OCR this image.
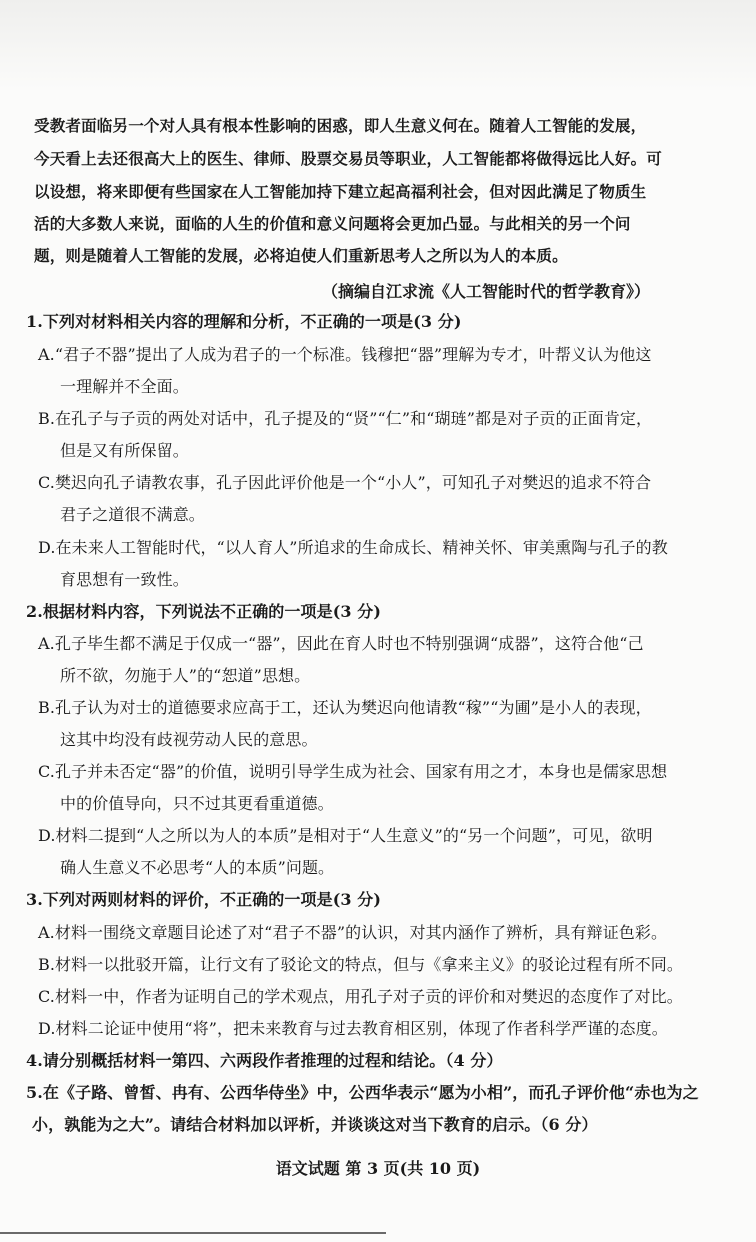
受教者面临另一个对人具有根本性影响的困惑，即人生意义何在。随着人工智能的发展，
今天看上去还很高大上的医生、律师、股票交易员等职业，人工智能都将做得远比人好。可
以设想，将来即便有些国家在人工智能加持下建立起高福利社会，但对因此满足了物质生
活的大多数人来说，面临的人生的价值和意义问题将会更加凸显。与此相关的另一个问
题，则是随着人工智能的发展，必将迫使人们重新思考人之所以为人的本质。
（摘编自江求流《人工智能时代的哲学教育》）
1.下列对材料相关内容的理解和分析，不正确的一项是(3 分)
A.“君子不器”提出了人成为君子的一个标准。钱穆把“器”理解为专才，叶帮义认为他这
一理解并不全面。
B.在孔子与子贡的两处对话中，孔子提及的“贤”“仁”和“瑚琏”都是对子贡的正面肯定，
但是又有所保留。
C.樊迟向孔子请教农事，孔子因此评价他是一个“小人”，可知孔子对樊迟的追求不符合
君子之道很不满意。
D.在未来人工智能时代，“以人育人”所追求的生命成长、精神关怀、审美熏陶与孔子的教
育思想有一致性。
2.根据材料内容，下列说法不正确的一项是(3 分)
A.孔子毕生都不满足于仅成一“器”，因此在育人时也不特别强调“成器”，这符合他“己
所不欲，勿施于人”的“恕道”思想。
B.孔子认为对士的道德要求应高于工，还认为樊迟向他请教“稼”“为圃”是小人的表现，
这其中均没有歧视劳动人民的意思。
C.孔子并未否定“器”的价值，说明引导学生成为社会、国家有用之才，本身也是儒家思想
中的价值导向，只不过其更看重道德。
D.材料二提到“人之所以为人的本质”是相对于“人生意义”的“另一个问题”，可见，欲明
确人生意义不必思考“人的本质”问题。
3.下列对两则材料的评价，不正确的一项是(3 分)
A.材料一围绕文章题目论述了对“君子不器”的认识，对其内涵作了辨析，具有辩证色彩。
B.材料一以批驳开篇，让行文有了驳论文的特点，但与《拿来主义》的驳论过程有所不同。
C.材料一中，作者为证明自己的学术观点，用孔子对子贡的评价和对樊迟的态度作了对比。
D.材料二论证中使用“将”，把未来教育与过去教育相区别，体现了作者科学严谨的态度。
4.请分别概括材料一第四、六两段作者推理的过程和结论。（4 分）
5.在《子路、曾皙、冉有、公西华侍坐》中，公西华表示“愿为小相”，而孔子评价他“赤也为之
小，孰能为之大”。请结合材料加以评析，并谈谈这对当下教育的启示。（6 分）
语文试题 第 3 页(共 10 页)
